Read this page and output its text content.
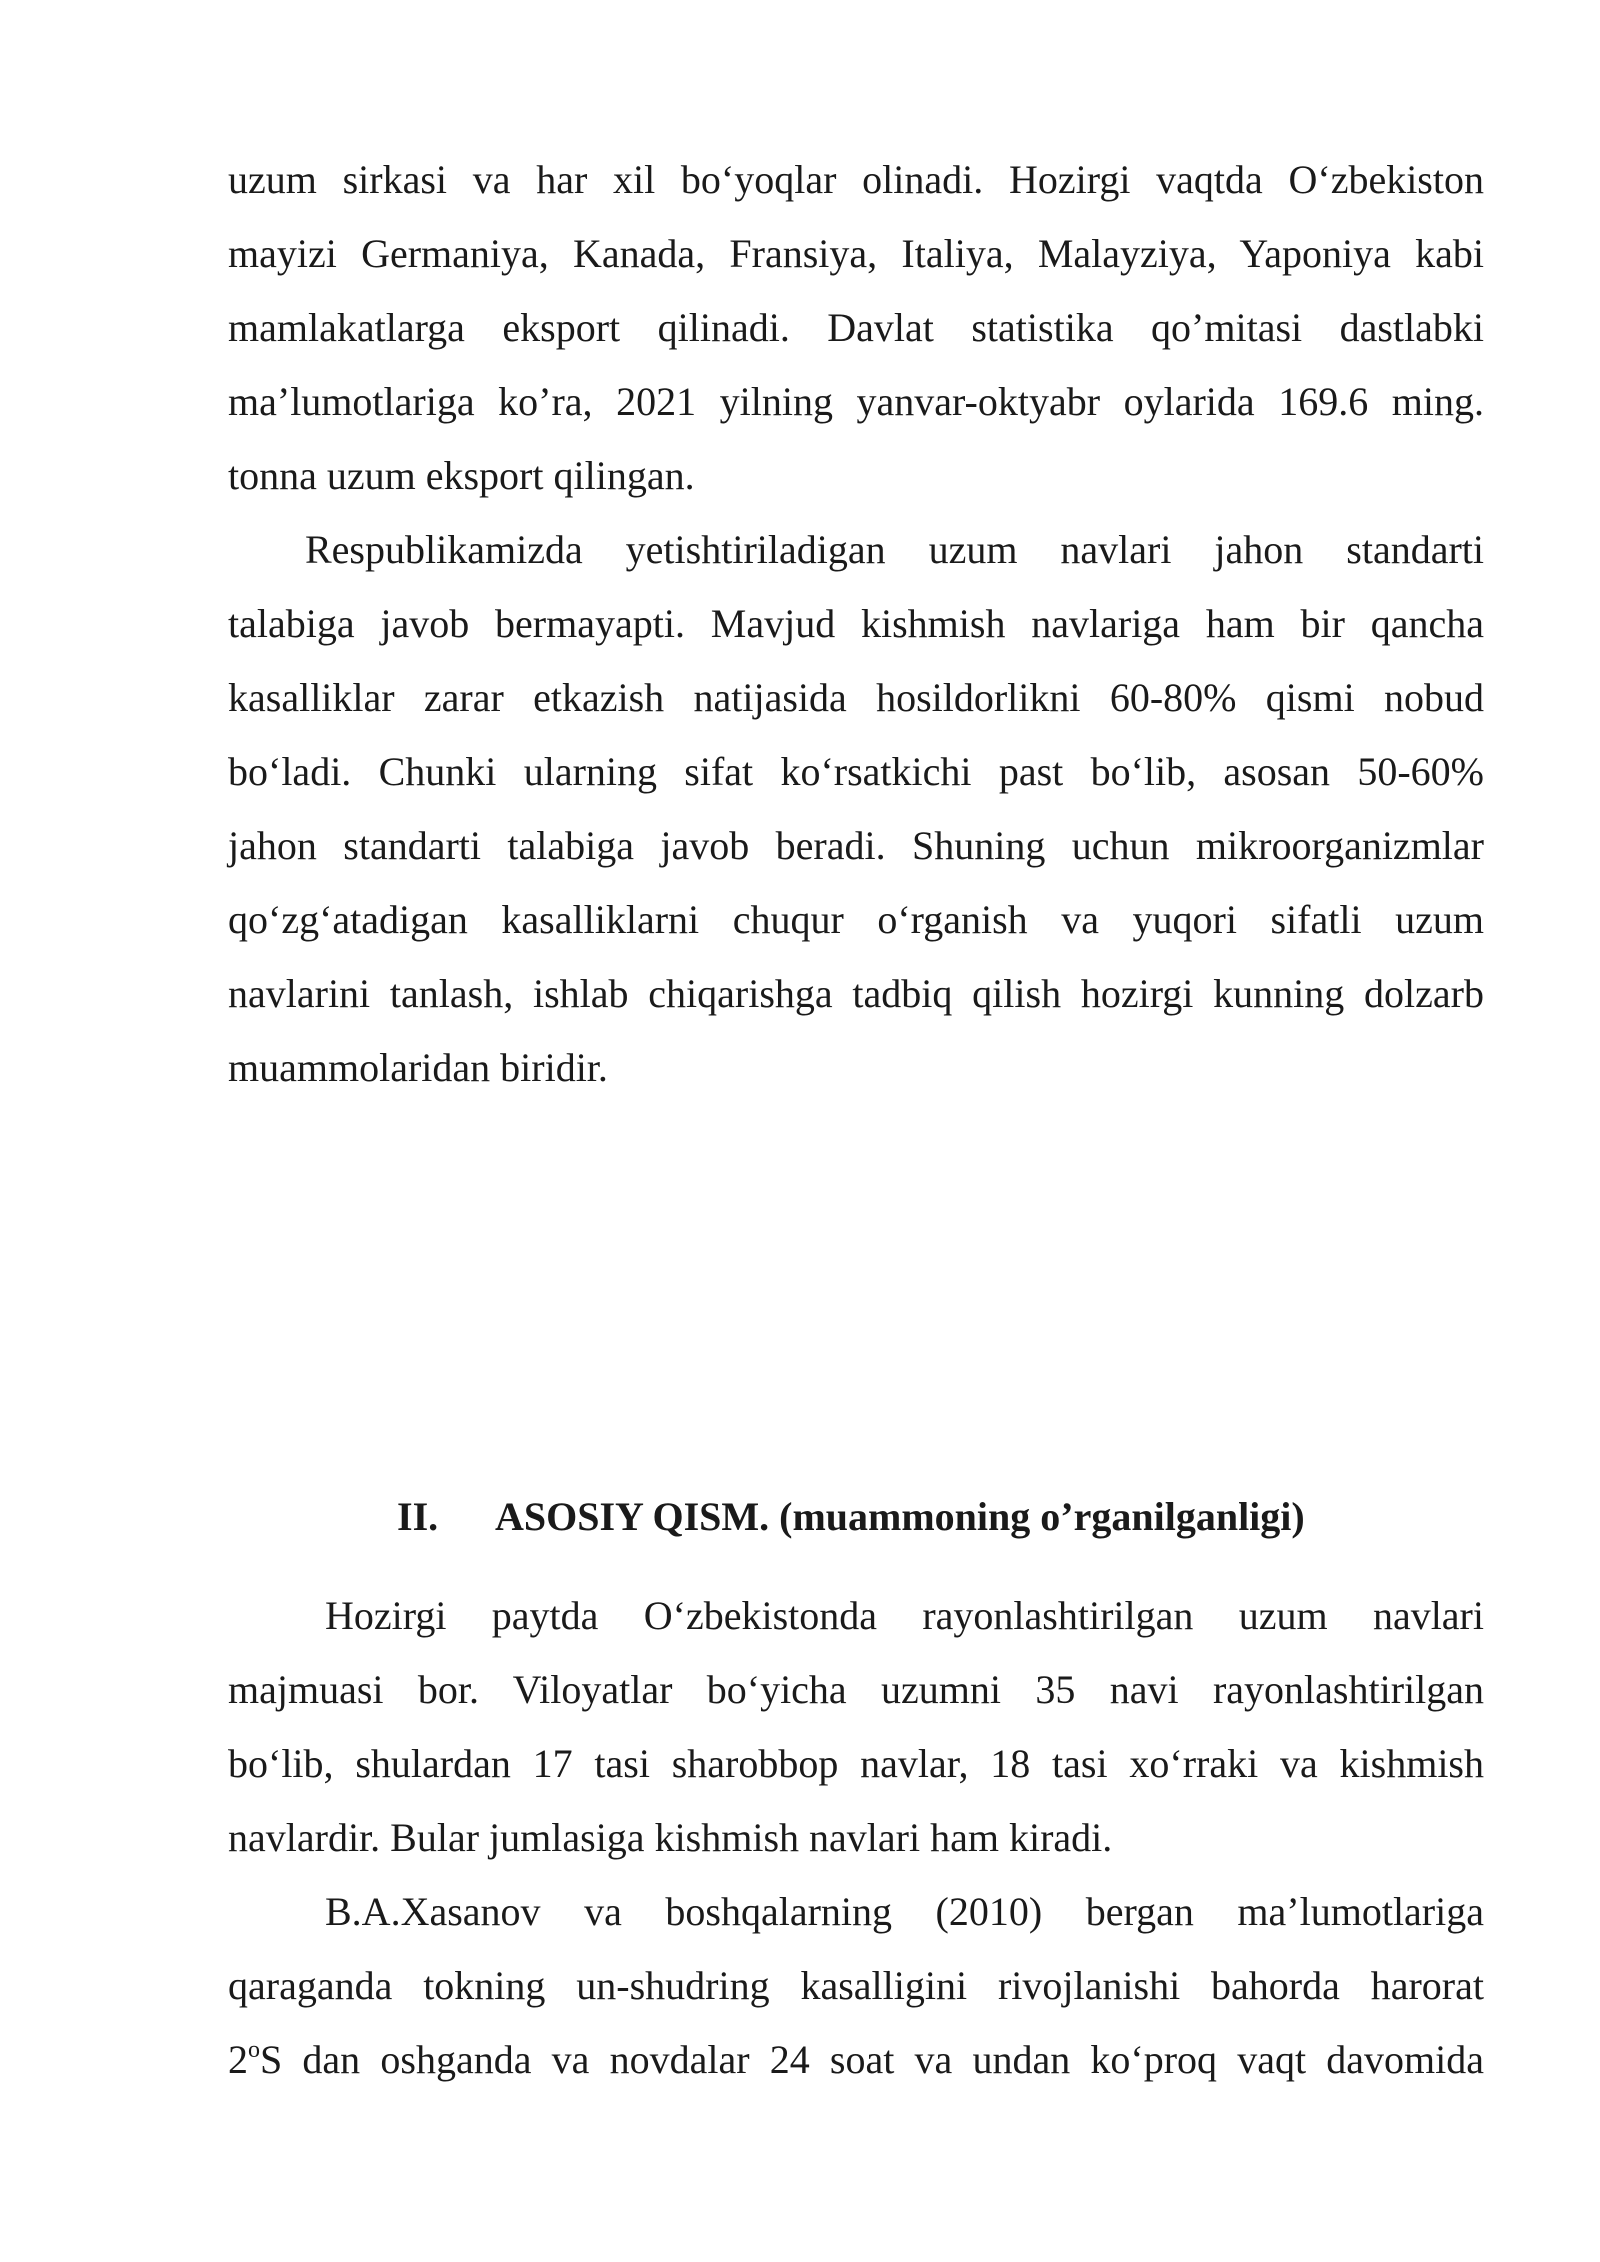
uzum sirkasi va har xil bo‘yoqlar olinadi. Hozirgi vaqtda O‘zbekiston
mayizi Germaniya, Kanada, Fransiya, Italiya, Malayziya, Yaponiya kabi
mamlakatlarga eksport qilinadi. Davlat statistika qo’mitasi dastlabki
ma’lumotlariga ko’ra, 2021 yilning yanvar-oktyabr oylarida 169.6 ming.
tonna uzum eksport qilingan.
Respublikamizda yetishtiriladigan uzum navlari jahon standarti
talabiga javob bermayapti. Mavjud kishmish navlariga ham bir qancha
kasalliklar zarar etkazish natijasida hosildorlikni 60-80% qismi nobud
bo‘ladi. Chunki ularning sifat ko‘rsatkichi past bo‘lib, asosan 50-60%
jahon standarti talabiga javob beradi. Shuning uchun mikroorganizmlar
qo‘zg‘atadigan kasalliklarni chuqur o‘rganish va yuqori sifatli uzum
navlarini tanlash, ishlab chiqarishga tadbiq qilish hozirgi kunning dolzarb
muammolaridan biridir.
II. ASOSIY QISM. (muammoning o’rganilganligi)
Hozirgi paytda O‘zbekistonda rayonlashtirilgan uzum navlari
majmuasi bor. Viloyatlar bo‘yicha uzumni 35 navi rayonlashtirilgan
bo‘lib, shulardan 17 tasi sharobbop navlar, 18 tasi xo‘rraki va kishmish
navlardir. Bular jumlasiga kishmish navlari ham kiradi.
B.A.Xasanov va boshqalarning (2010) bergan ma’lumotlariga
qaraganda tokning un-shudring kasalligini rivojlanishi bahorda harorat
2$^o$S dan oshganda va novdalar 24 soat va undan ko‘proq vaqt davomida
